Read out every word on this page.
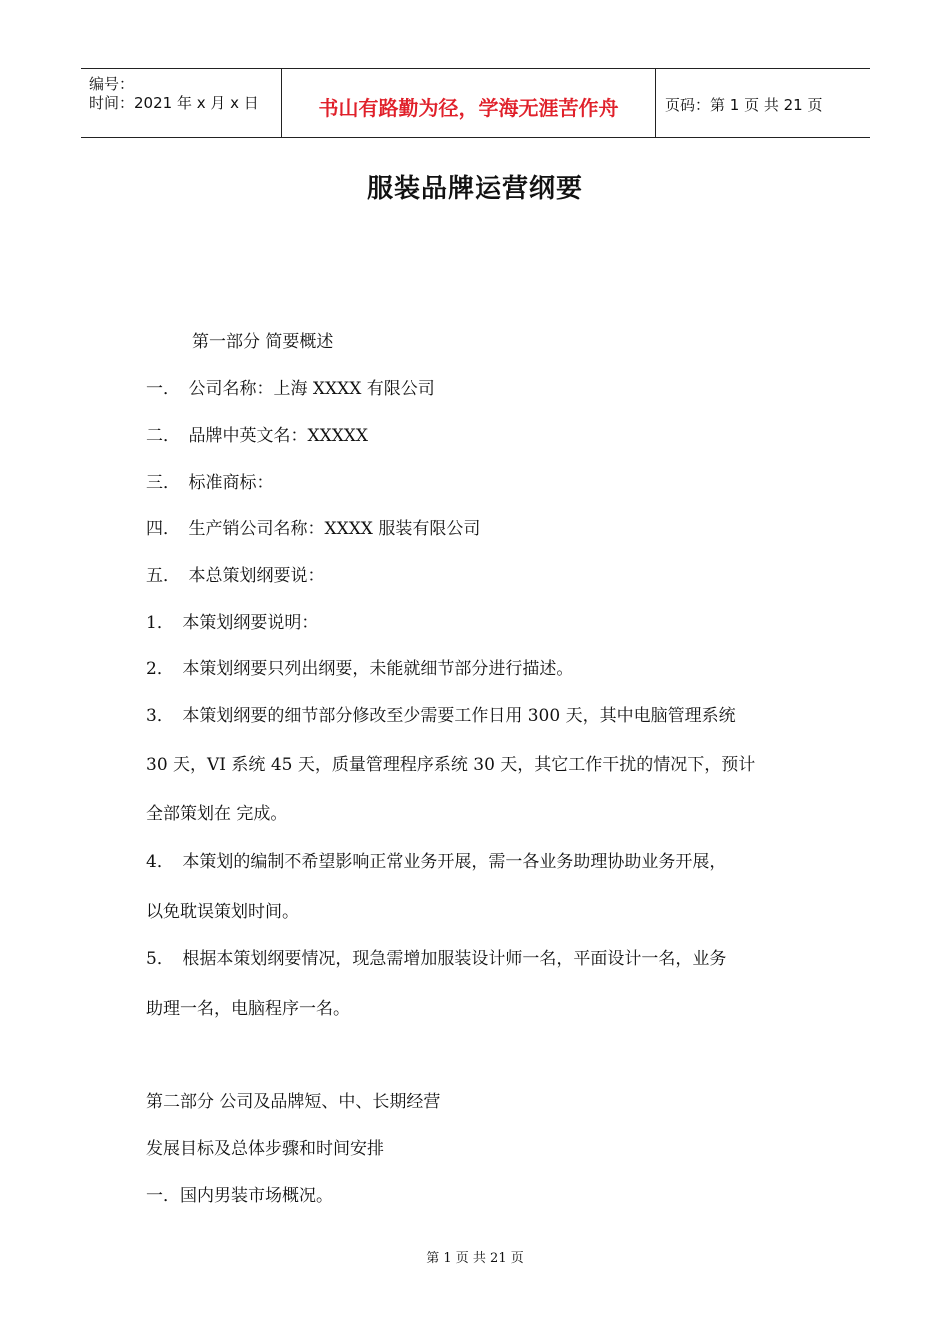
编号：
时间：2021 年 x 月 x 日	书山有路勤为径，学海无涯苦作舟	页码：第 1 页 共 21 页
服装品牌运营纲要
第一部分 简要概述
一．　公司名称：上海 XXXX 有限公司
二．　品牌中英文名：XXXXX
三．　标准商标：
四．　生产销公司名称：XXXX 服装有限公司
五．　本总策划纲要说：
1．　本策划纲要说明：
2．　本策划纲要只列出纲要，未能就细节部分进行描述。
3．　本策划纲要的细节部分修改至少需要工作日用 300 天，其中电脑管理系统
30 天，VI 系统 45 天，质量管理程序系统 30 天，其它工作干扰的情况下，预计
全部策划在 完成。
4．　本策划的编制不希望影响正常业务开展，需一各业务助理协助业务开展，
以免耽误策划时间。
5．　根据本策划纲要情况，现急需增加服装设计师一名，平面设计一名，业务
助理一名，电脑程序一名。
第二部分 公司及品牌短、中、长期经营
发展目标及总体步骤和时间安排
一．国内男装市场概况。
第 1 页 共 21 页
